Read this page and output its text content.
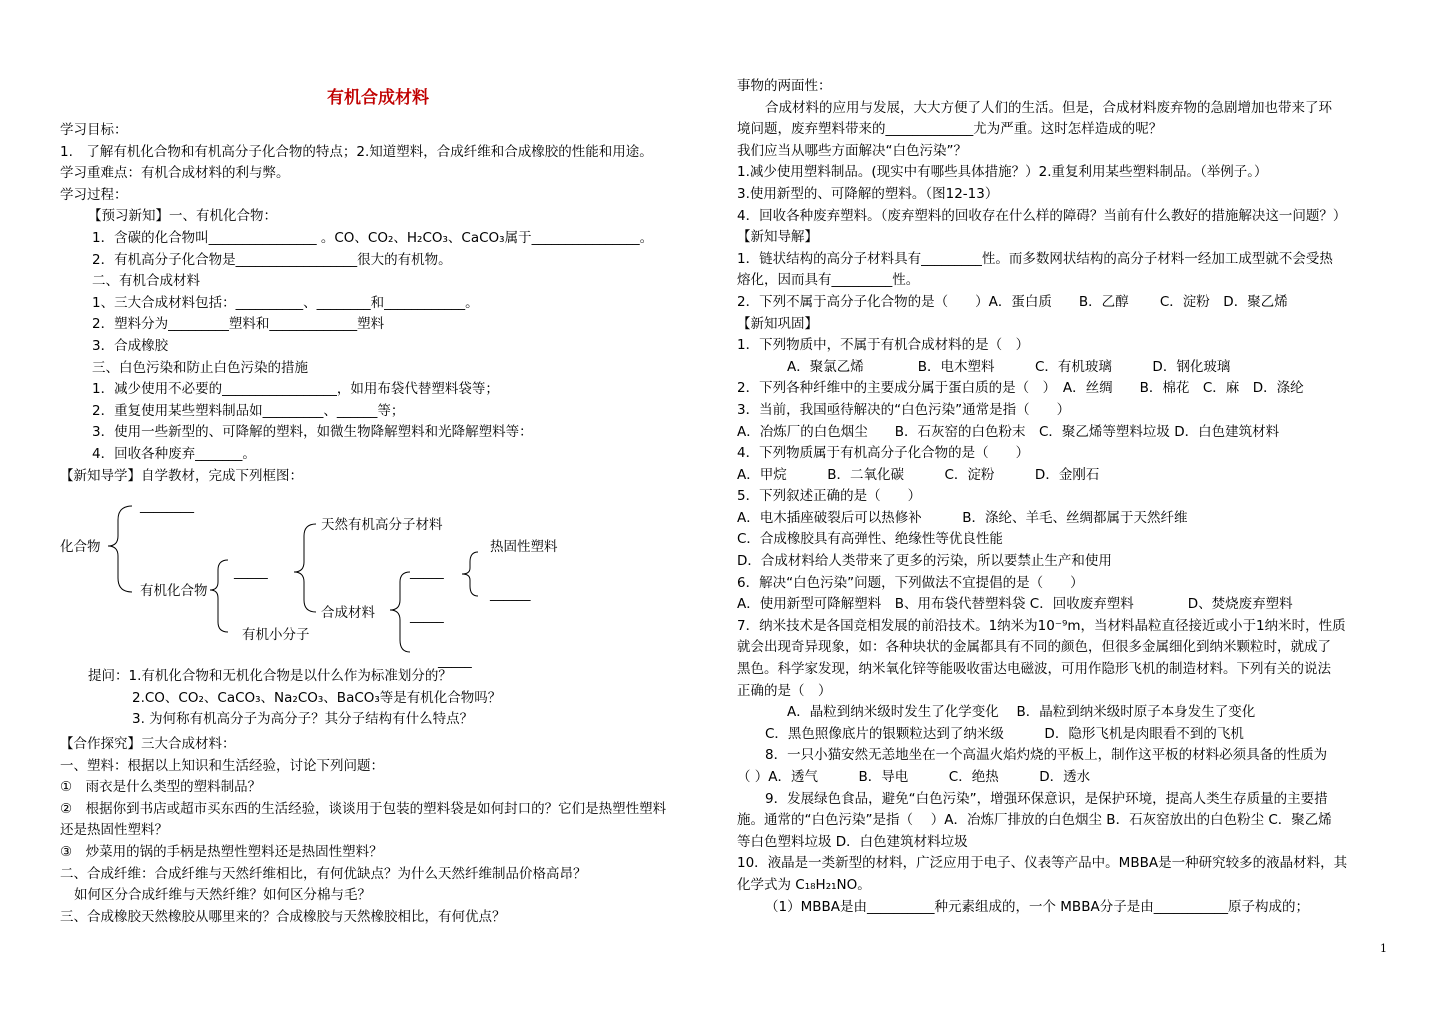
有机合成材料
学习目标：
1.　了解有机化合物和有机高分子化合物的特点；2.知道塑料，合成纤维和合成橡胶的性能和用途。
学习重难点：有机合成材料的利与弊。
学习过程：
【预习新知】一、有机化合物：
1．含碳的化合物叫________________ 。CO、CO₂、H₂CO₃、CaCO₃属于________________。
2．有机高分子化合物是__________________很大的有机物。
二、有机合成材料
1、三大合成材料包括：__________、________和____________。
2．塑料分为_________塑料和_____________塑料
3．合成橡胶
三、白色污染和防止白色污染的措施
1．减少使用不必要的_________________，如用布袋代替塑料袋等；
2．重复使用某些塑料制品如_________、______等；
3．使用一些新型的、可降解的塑料，如微生物降解塑料和光降解塑料等：
4．回收各种废弃_______。
【新知导学】自学教材，完成下列框图：
提问：1.有机化合物和无机化合物是以什么作为标准划分的？
2.CO、CO₂、CaCO₃、Na₂CO₃、BaCO₃等是有机化合物吗？
3. 为何称有机高分子为高分子？其分子结构有什么特点？
【合作探究】三大合成材料：
一、塑料：根据以上知识和生活经验，讨论下列问题：
①　雨衣是什么类型的塑料制品？
②　根据你到书店或超市买东西的生活经验，谈谈用于包装的塑料袋是如何封口的？它们是热塑性塑料
还是热固性塑料？
③　炒菜用的锅的手柄是热塑性塑料还是热固性塑料？
二、合成纤维：合成纤维与天然纤维相比，有何优缺点？为什么天然纤维制品价格高昂？
如何区分合成纤维与天然纤维？如何区分棉与毛？
三、合成橡胶天然橡胶从哪里来的？合成橡胶与天然橡胶相比，有何优点？
化合物
________
有机化合物
_____
天然有机高分子材料
合成材料
_____
热固性塑料
______
_____
_____
有机小分子
事物的两面性：
合成材料的应用与发展，大大方便了人们的生活。但是，合成材料废弃物的急剧增加也带来了环
境问题，废弃塑料带来的_____________尤为严重。这时怎样造成的呢？
我们应当从哪些方面解决“白色污染”？
1.减少使用塑料制品。(现实中有哪些具体措施？）2.重复利用某些塑料制品。（举例子。）
3.使用新型的、可降解的塑料。（图12-13）
4．回收各种废弃塑料。（废弃塑料的回收存在什么样的障碍？当前有什么教好的措施解决这一问题？）
【新知导解】
1．链状结构的高分子材料具有_________性。而多数网状结构的高分子材料一经加工成型就不会受热
熔化，因而具有_________性。
2．下列不属于高分子化合物的是（　　）A．蛋白质　　B．乙醇　　 C．淀粉　D．聚乙烯
【新知巩固】
1．下列物质中，不属于有机合成材料的是（　）
A．聚氯乙烯　　　　B．电木塑料　　　C．有机玻璃　　　D．钢化玻璃
2．下列各种纤维中的主要成分属于蛋白质的是（　）　A．丝绸　　B．棉花　C．麻　D．涤纶
3．当前，我国亟待解决的“白色污染”通常是指（　　）
A．冶炼厂的白色烟尘　　B．石灰窑的白色粉末　C．聚乙烯等塑料垃圾 D．白色建筑材料
4．下列物质属于有机高分子化合物的是（　　）
A．甲烷　　　B．二氧化碳　　　C．淀粉　　　D．金刚石
5．下列叙述正确的是（　　）
A．电木插座破裂后可以热修补　　　B．涤纶、羊毛、丝绸都属于天然纤维
C．合成橡胶具有高弹性、绝缘性等优良性能
D．合成材料给人类带来了更多的污染，所以要禁止生产和使用
6．解决“白色污染”问题，下列做法不宜提倡的是（　　）
A．使用新型可降解塑料　B、用布袋代替塑料袋 C．回收废弃塑料　　　　D、焚烧废弃塑料
7．纳米技术是各国竞相发展的前沿技术。1纳米为10⁻⁹m，当材料晶粒直径接近或小于1纳米时，性质
就会出现奇异现象，如：各种块状的金属都具有不同的颜色，但很多金属细化到纳米颗粒时，就成了
黑色。科学家发现，纳米氧化锌等能吸收雷达电磁波，可用作隐形飞机的制造材料。下列有关的说法
正确的是（　）
A．晶粒到纳米级时发生了化学变化　 B．晶粒到纳米级时原子本身发生了变化
C．黑色照像底片的银颗粒达到了纳米级　　　D．隐形飞机是肉眼看不到的飞机
8．一只小猫安然无恙地坐在一个高温火焰灼烧的平板上，制作这平板的材料必须具备的性质为
（ ）A．透气　　　B．导电　　　C．绝热　　　D．透水
9．发展绿色食品，避免“白色污染”，增强环保意识，是保护环境，提高人类生存质量的主要措
施。通常的“白色污染”是指（　 ）A．冶炼厂排放的白色烟尘 B．石灰窑放出的白色粉尘 C．聚乙烯
等白色塑料垃圾 D．白色建筑材料垃圾
10．液晶是一类新型的材料，广泛应用于电子、仪表等产品中。MBBA是一种研究较多的液晶材料，其
化学式为 C₁₈H₂₁NO。
（1）MBBA是由__________种元素组成的，一个 MBBA分子是由___________原子构成的；
1
